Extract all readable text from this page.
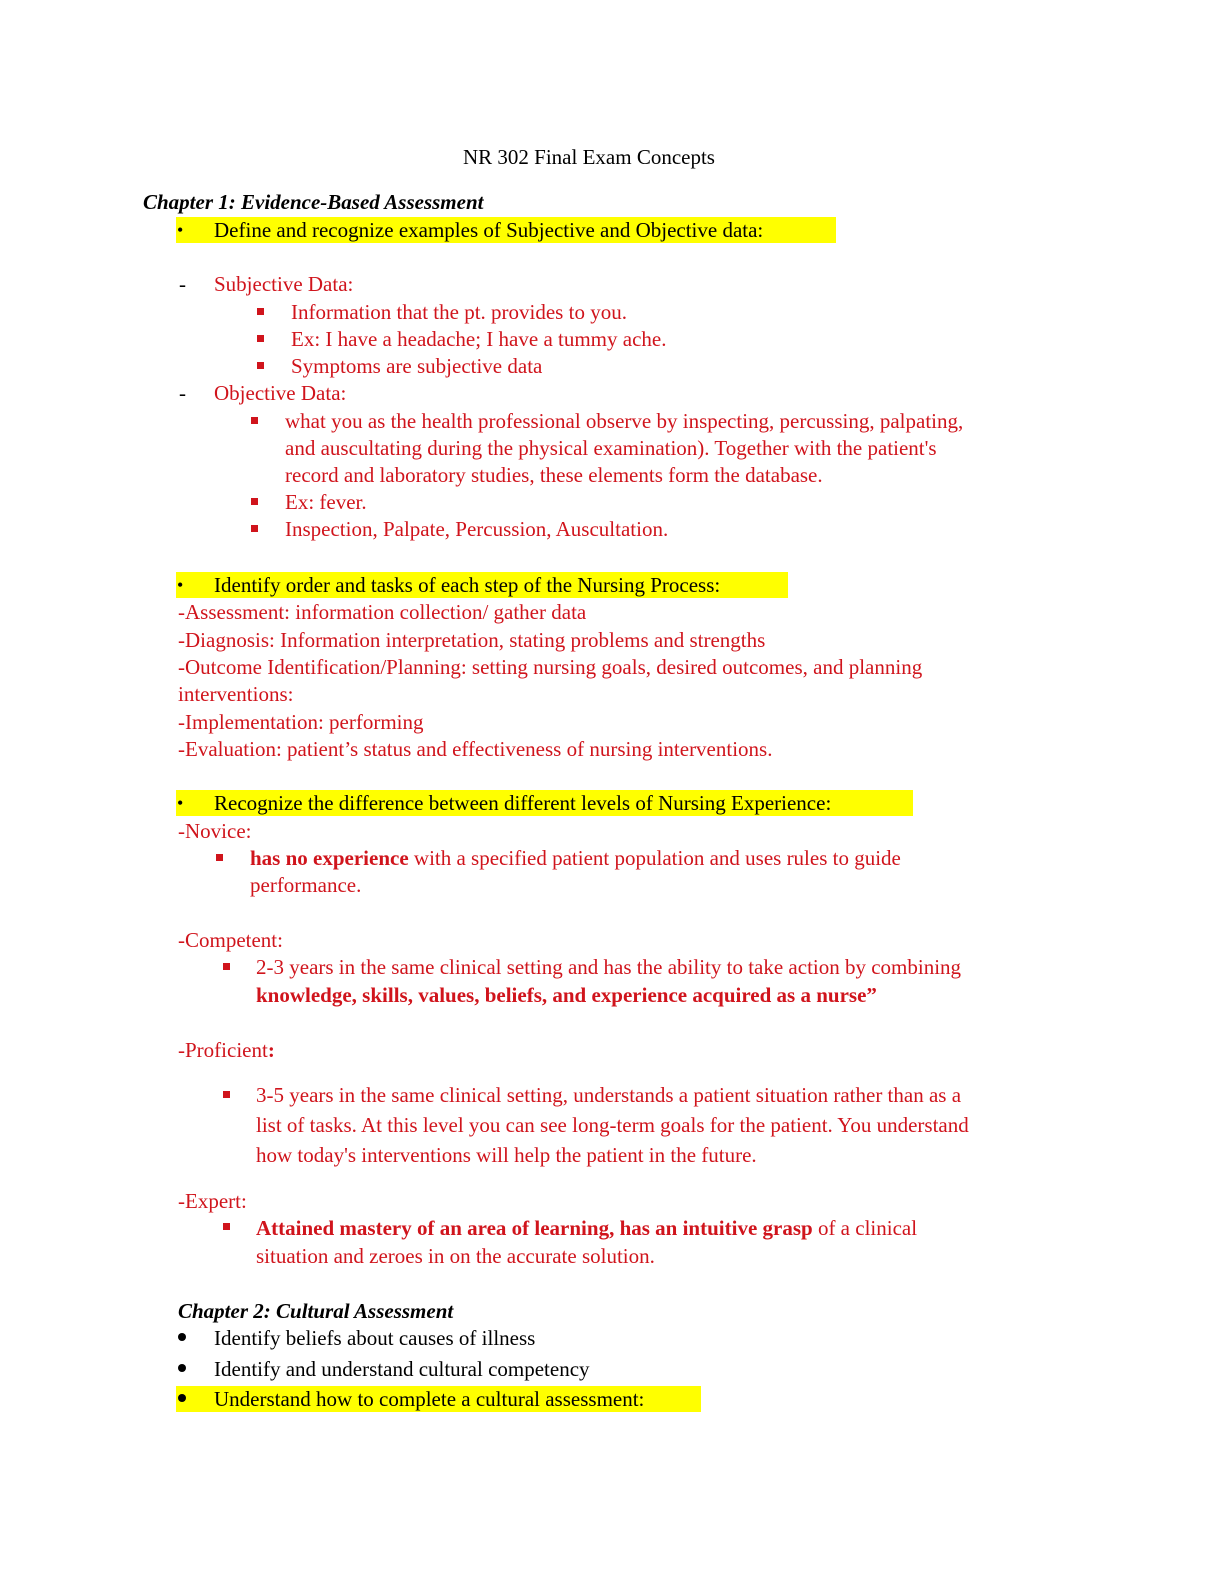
NR 302 Final Exam Concepts
Chapter 1: Evidence-Based Assessment
• Define and recognize examples of Subjective and Objective data:
- Subjective Data:
Information that the pt. provides to you.
Ex: I have a headache; I have a tummy ache.
Symptoms are subjective data
- Objective Data:
what you as the health professional observe by inspecting, percussing, palpating,
and auscultating during the physical examination). Together with the patient's
record and laboratory studies, these elements form the database.
Ex: fever.
Inspection, Palpate, Percussion, Auscultation.
• Identify order and tasks of each step of the Nursing Process:
-Assessment: information collection/ gather data
-Diagnosis: Information interpretation, stating problems and strengths
-Outcome Identification/Planning: setting nursing goals, desired outcomes, and planning
interventions:
-Implementation: performing
-Evaluation: patient’s status and effectiveness of nursing interventions.
• Recognize the difference between different levels of Nursing Experience:
-Novice:
has no experience with a specified patient population and uses rules to guide
performance.
-Competent:
2-3 years in the same clinical setting and has the ability to take action by combining
knowledge, skills, values, beliefs, and experience acquired as a nurse”
-Proficient:
3-5 years in the same clinical setting, understands a patient situation rather than as a
list of tasks. At this level you can see long-term goals for the patient. You understand
how today's interventions will help the patient in the future.
-Expert:
Attained mastery of an area of learning, has an intuitive grasp of a clinical
situation and zeroes in on the accurate solution.
Chapter 2: Cultural Assessment
Identify beliefs about causes of illness
Identify and understand cultural competency
Understand how to complete a cultural assessment:
